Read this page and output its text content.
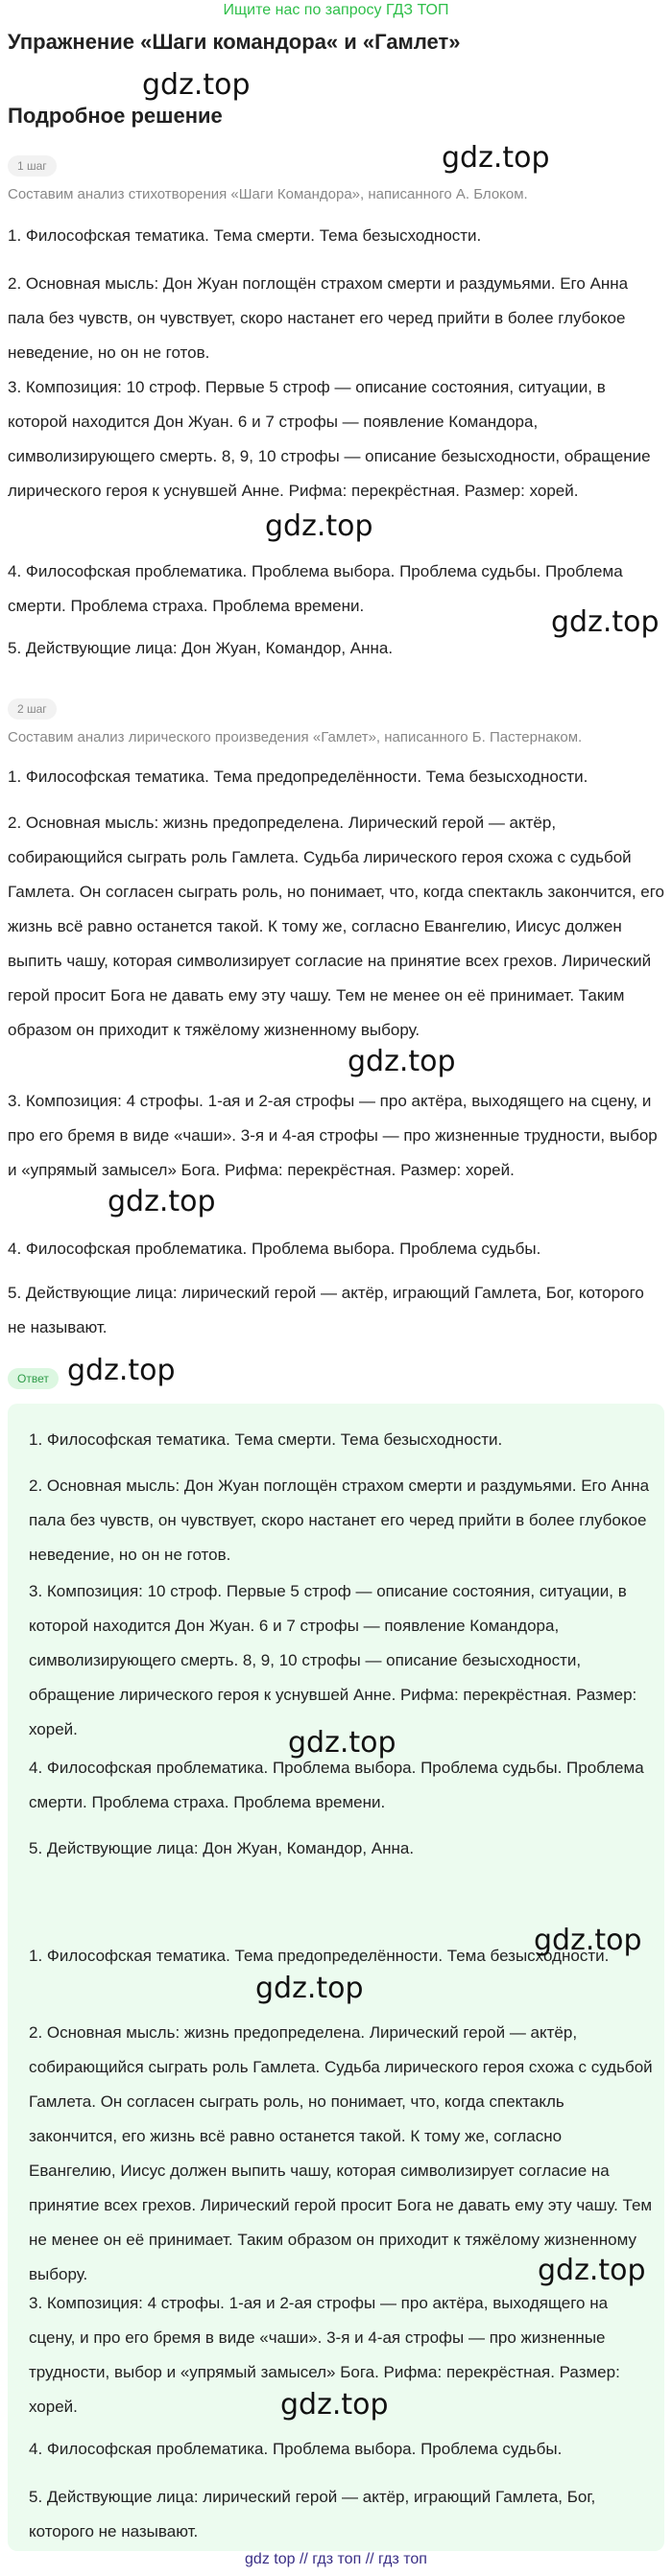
Ищите нас по запросу ГДЗ ТОП
Упражнение «Шаги командора« и «Гамлет»
Подробное решение
1 шаг
Составим анализ стихотворения «Шаги Командора», написанного А. Блоком.
1. Философская тематика. Тема смерти. Тема безысходности.
2. Основная мысль: Дон Жуан поглощён страхом смерти и раздумьями. Его Анна пала без чувств, он чувствует, скоро настанет его черед прийти в более глубокое неведение, но он не готов.
3. Композиция: 10 строф. Первые 5 строф — описание состояния, ситуации, в которой находится Дон Жуан. 6 и 7 строфы — появление Командора, символизирующего смерть. 8, 9, 10 строфы — описание безысходности, обращение лирического героя к уснувшей Анне. Рифма: перекрёстная. Размер: хорей.
4. Философская проблематика. Проблема выбора. Проблема судьбы. Проблема смерти. Проблема страха. Проблема времени.
5. Действующие лица: Дон Жуан, Командор, Анна.
2 шаг
Составим анализ лирического произведения «Гамлет», написанного Б. Пастернаком.
1. Философская тематика. Тема предопределённости. Тема безысходности.
2. Основная мысль: жизнь предопределена. Лирический герой — актёр, собирающийся сыграть роль Гамлета. Судьба лирического героя схожа с судьбой Гамлета. Он согласен сыграть роль, но понимает, что, когда спектакль закончится, его жизнь всё равно останется такой. К тому же, согласно Евангелию, Иисус должен выпить чашу, которая символизирует согласие на принятие всех грехов. Лирический герой просит Бога не давать ему эту чашу. Тем не менее он её принимает. Таким образом он приходит к тяжёлому жизненному выбору.
3. Композиция: 4 строфы. 1-ая и 2-ая строфы — про актёра, выходящего на сцену, и про его бремя в виде «чаши». 3-я и 4-ая строфы — про жизненные трудности, выбор и «упрямый замысел» Бога. Рифма: перекрёстная. Размер: хорей.
4. Философская проблематика. Проблема выбора. Проблема судьбы.
5. Действующие лица: лирический герой — актёр, играющий Гамлета, Бог, которого не называют.
Ответ
1. Философская тематика. Тема смерти. Тема безысходности.
2. Основная мысль: Дон Жуан поглощён страхом смерти и раздумьями. Его Анна пала без чувств, он чувствует, скоро настанет его черед прийти в более глубокое неведение, но он не готов.
3. Композиция: 10 строф. Первые 5 строф — описание состояния, ситуации, в которой находится Дон Жуан. 6 и 7 строфы — появление Командора, символизирующего смерть. 8, 9, 10 строфы — описание безысходности, обращение лирического героя к уснувшей Анне. Рифма: перекрёстная. Размер: хорей.
4. Философская проблематика. Проблема выбора. Проблема судьбы. Проблема смерти. Проблема страха. Проблема времени.
5. Действующие лица: Дон Жуан, Командор, Анна.
1. Философская тематика. Тема предопределённости. Тема безысходности.
2. Основная мысль: жизнь предопределена. Лирический герой — актёр, собирающийся сыграть роль Гамлета. Судьба лирического героя схожа с судьбой Гамлета. Он согласен сыграть роль, но понимает, что, когда спектакль закончится, его жизнь всё равно останется такой. К тому же, согласно Евангелию, Иисус должен выпить чашу, которая символизирует согласие на принятие всех грехов. Лирический герой просит Бога не давать ему эту чашу. Тем не менее он её принимает. Таким образом он приходит к тяжёлому жизненному выбору.
3. Композиция: 4 строфы. 1-ая и 2-ая строфы — про актёра, выходящего на сцену, и про его бремя в виде «чаши». 3-я и 4-ая строфы — про жизненные трудности, выбор и «упрямый замысел» Бога. Рифма: перекрёстная. Размер: хорей.
4. Философская проблематика. Проблема выбора. Проблема судьбы.
5. Действующие лица: лирический герой — актёр, играющий Гамлета, Бог, которого не называют.
gdz.top
gdz.top
gdz.top
gdz.top
gdz.top
gdz.top
gdz.top
gdz.top
gdz.top
gdz.top
gdz.top
gdz.top
gdz top // гдз топ // гдз топ
